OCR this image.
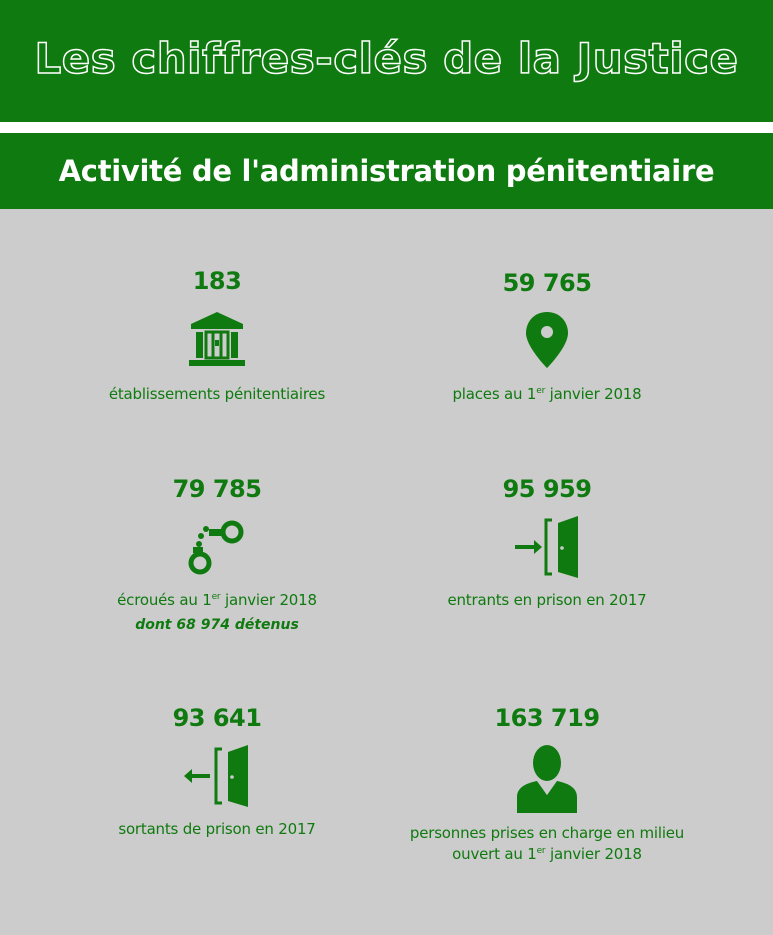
Les chiffres-clés de la Justice
Activité de l'administration pénitentiaire
183
établissements pénitentiaires
59 765
places au 1er janvier 2018
79 785
écroués au 1er janvier 2018
dont 68 974 détenus
95 959
entrants en prison en 2017
93 641
sortants de prison en 2017
163 719
personnes prises en charge en milieu
ouvert au 1er janvier 2018
